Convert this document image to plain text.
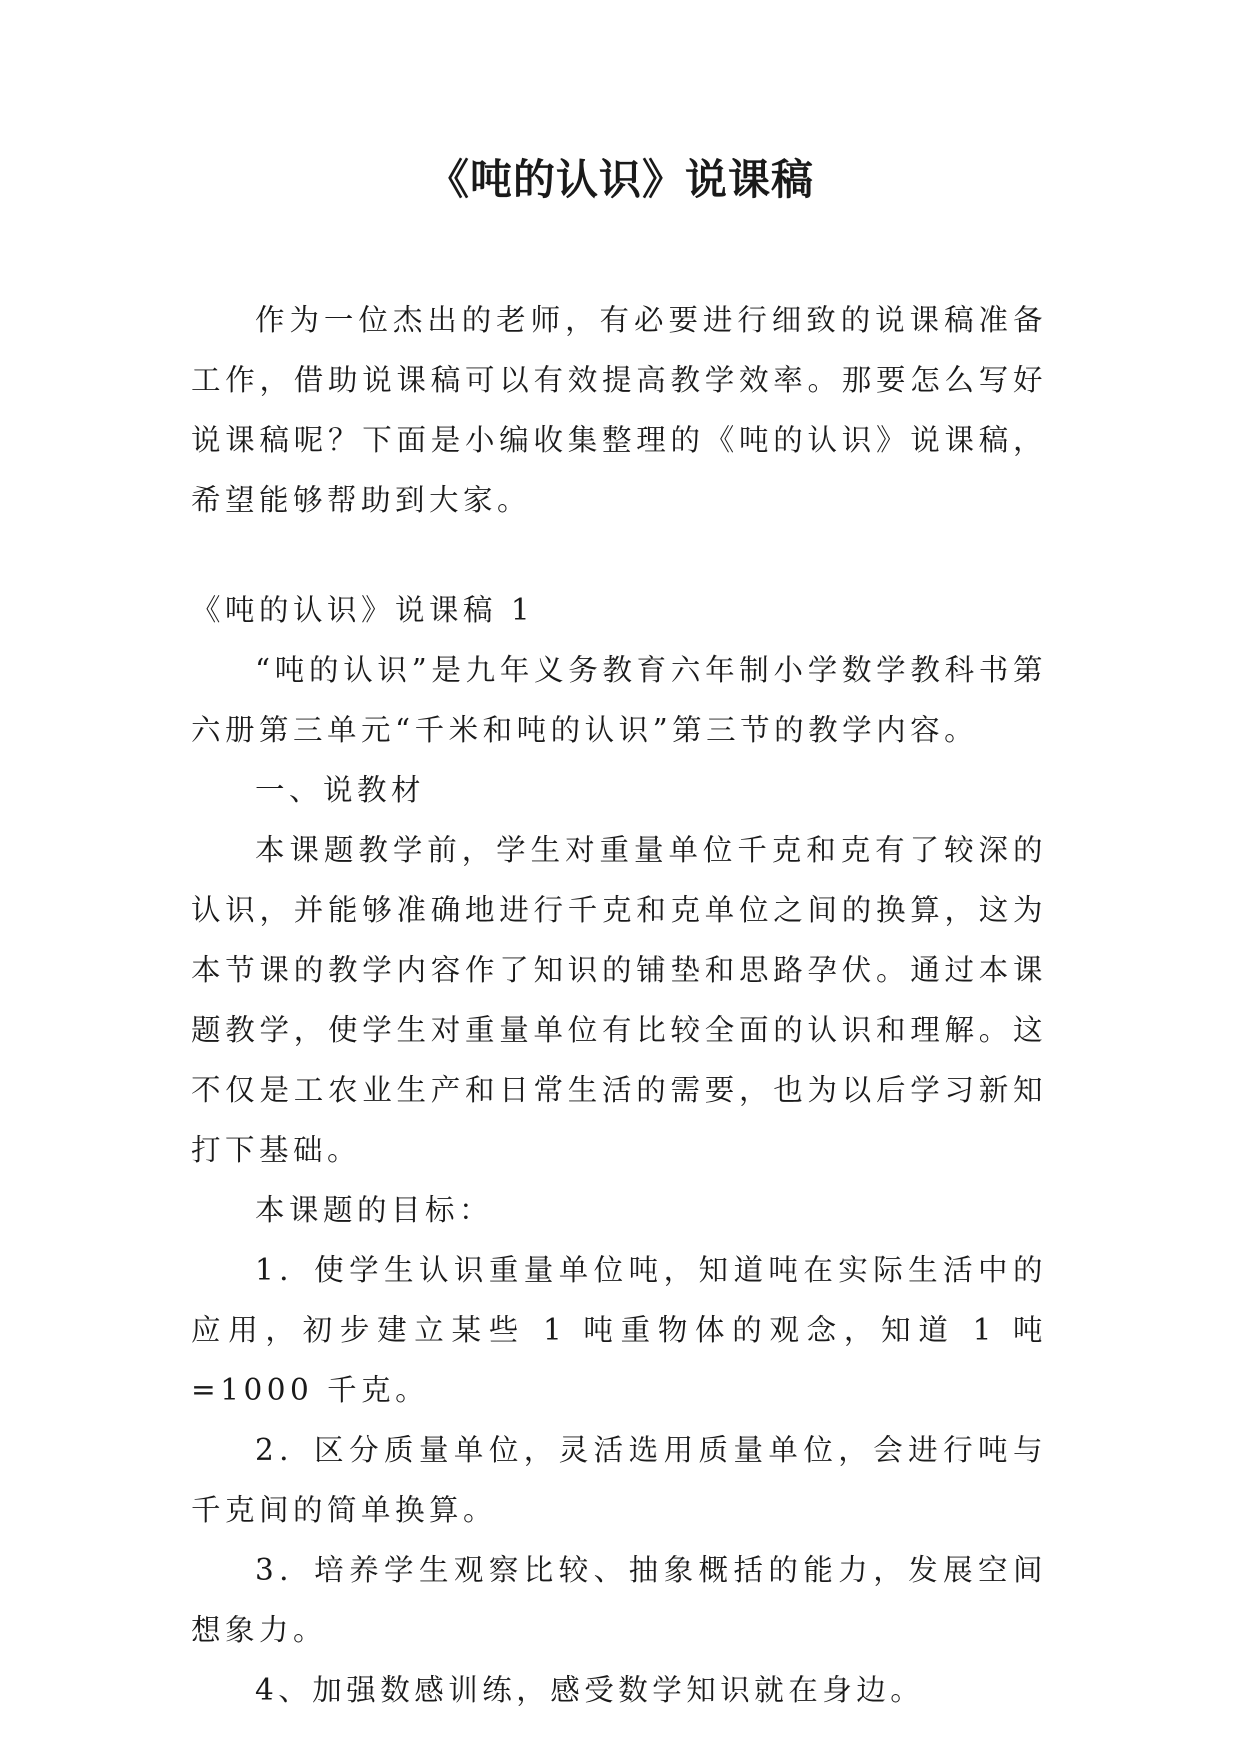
《吨的认识》说课稿

作为一位杰出的老师，有必要进行细致的说课稿准备工作，借助说课稿可以有效提高教学效率。那要怎么写好说课稿呢？下面是小编收集整理的《吨的认识》说课稿，希望能够帮助到大家。

《吨的认识》说课稿 1

“吨的认识”是九年义务教育六年制小学数学教科书第六册第三单元“千米和吨的认识”第三节的教学内容。

一、说教材

本课题教学前，学生对重量单位千克和克有了较深的认识，并能够准确地进行千克和克单位之间的换算，这为本节课的教学内容作了知识的铺垫和思路孕伏。通过本课题教学，使学生对重量单位有比较全面的认识和理解。这不仅是工农业生产和日常生活的需要，也为以后学习新知打下基础。

本课题的目标：

1．使学生认识重量单位吨，知道吨在实际生活中的应用，初步建立某些 1 吨重物体的观念，知道 1 吨=1000 千克。

2．区分质量单位，灵活选用质量单位，会进行吨与千克间的简单换算。

3．培养学生观察比较、抽象概括的能力，发展空间想象力。

4、加强数感训练，感受数学知识就在身边。
